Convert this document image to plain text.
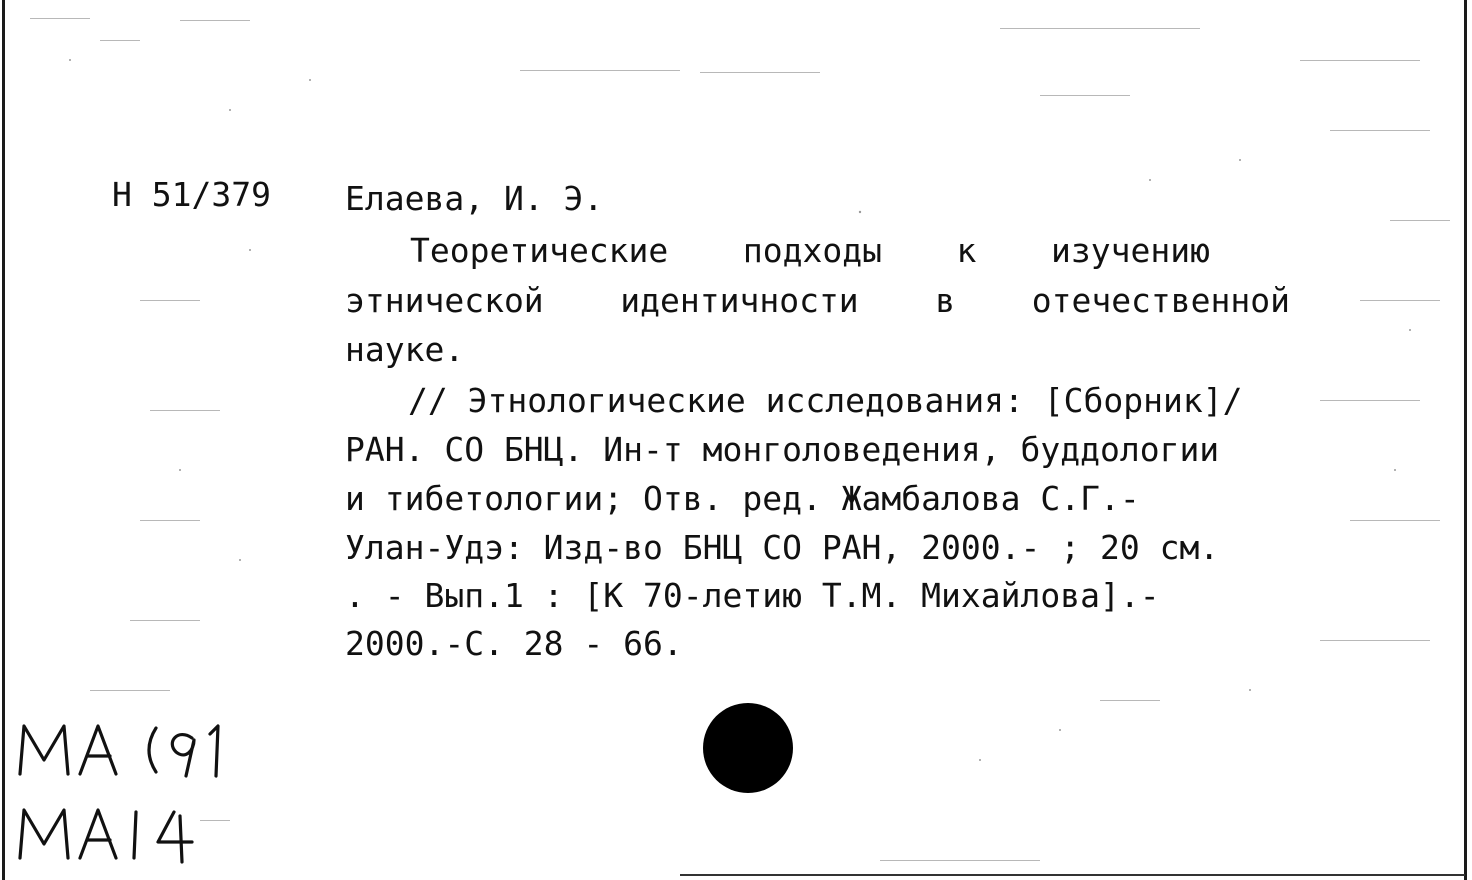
Н 51/379 Елаева, И. Э.
Теоретические подходы к изучению
этнической идентичности в отечественной
науке.
// Этнологические исследования: [Сборник]/
РАН. СО БНЦ. Ин-т монголоведения, буддологии
и тибетологии; Отв. ред. Жамбалова С.Г.-
Улан-Удэ: Изд-во БНЦ СО РАН, 2000.- ; 20 см.
. - Вып.1 : [К 70-летию Т.М. Михайлова].-
2000.-С. 28 - 66.
